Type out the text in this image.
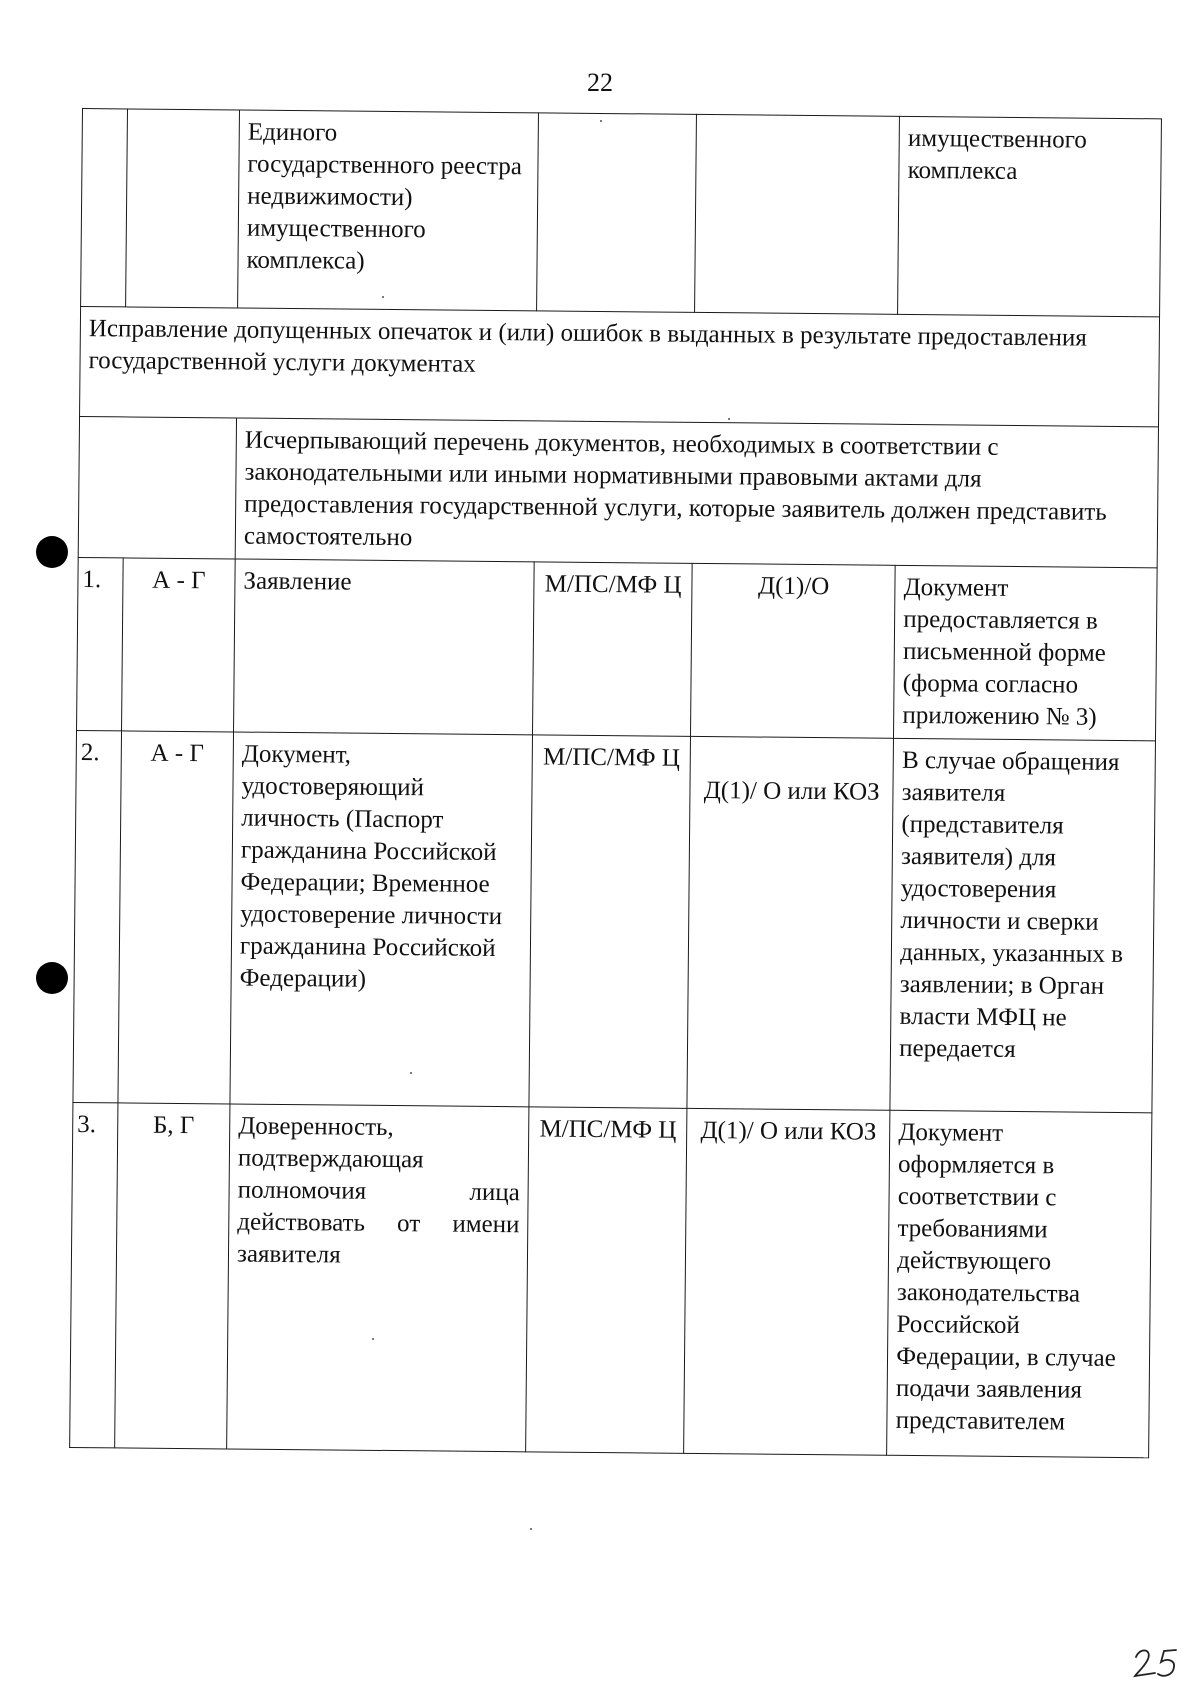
22
		Единого государственного реестра недвижимости) имущественного комплекса)			имущественного комплекса
Исправление допущенных опечаток и (или) ошибок в выданных в результате предоставления государственной услуги документах					
		Исчерпывающий перечень документов, необходимых в соответствии с законодательными или иными нормативными правовыми актами для предоставления государственной услуги, которые заявитель должен представить самостоятельно			
1.	А - Г	Заявление	М/ПС/МФ Ц	Д(1)/О	Документ предоставляется в письменной форме (форма согласно приложению № 3)
2.	А - Г	Документ, удостоверяющий личность (Паспорт гражданина Российской Федерации; Временное удостоверение личности гражданина Российской Федерации)	М/ПС/МФ Ц	Д(1)/ О или КОЗ	В случае обращения заявителя (представителя заявителя) для удостоверения личности и сверки данных, указанных в заявлении; в Орган власти МФЦ не передается
3.	Б, Г	Доверенность, подтверждающая полномочия лица действовать от имени заявителя	М/ПС/МФ Ц	Д(1)/ О или КОЗ	Документ оформляется в соответствии с требованиями действующего законодательства Российской Федерации, в случае подачи заявления представителем
